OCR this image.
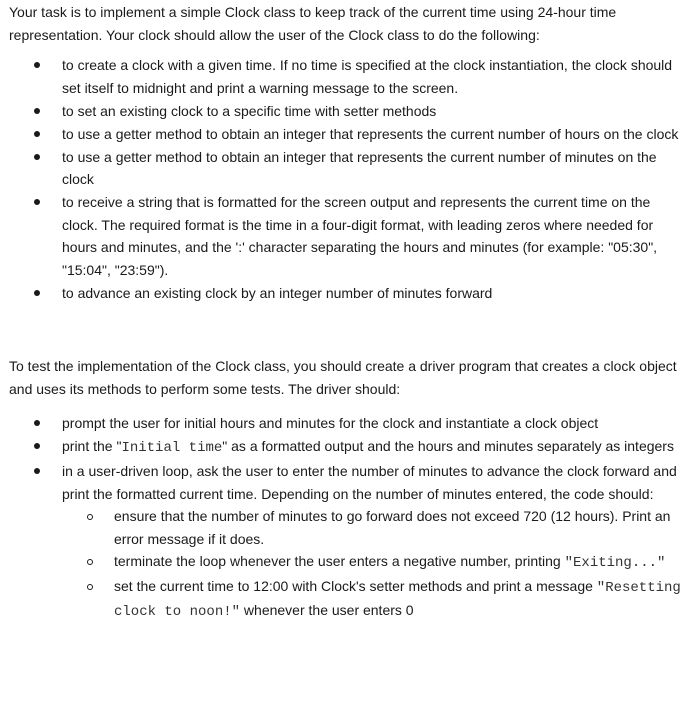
Your task is to implement a simple Clock class to keep track of the current time using 24-hour time representation. Your clock should allow the user of the Clock class to do the following:

to create a clock with a given time. If no time is specified at the clock instantiation, the clock should set itself to midnight and print a warning message to the screen.
to set an existing clock to a specific time with setter methods
to use a getter method to obtain an integer that represents the current number of hours on the clock
to use a getter method to obtain an integer that represents the current number of minutes on the clock
to receive a string that is formatted for the screen output and represents the current time on the clock. The required format is the time in a four-digit format, with leading zeros where needed for hours and minutes, and the ':' character separating the hours and minutes (for example: "05:30", "15:04", "23:59").
to advance an existing clock by an integer number of minutes forward

To test the implementation of the Clock class, you should create a driver program that creates a clock object and uses its methods to perform some tests. The driver should:

prompt the user for initial hours and minutes for the clock and instantiate a clock object
print the "Initial time" as a formatted output and the hours and minutes separately as integers
in a user-driven loop, ask the user to enter the number of minutes to advance the clock forward and print the formatted current time. Depending on the number of minutes entered, the code should:
ensure that the number of minutes to go forward does not exceed 720 (12 hours). Print an error message if it does.
terminate the loop whenever the user enters a negative number, printing "Exiting..."
set the current time to 12:00 with Clock's setter methods and print a message "Resetting clock to noon!" whenever the user enters 0
